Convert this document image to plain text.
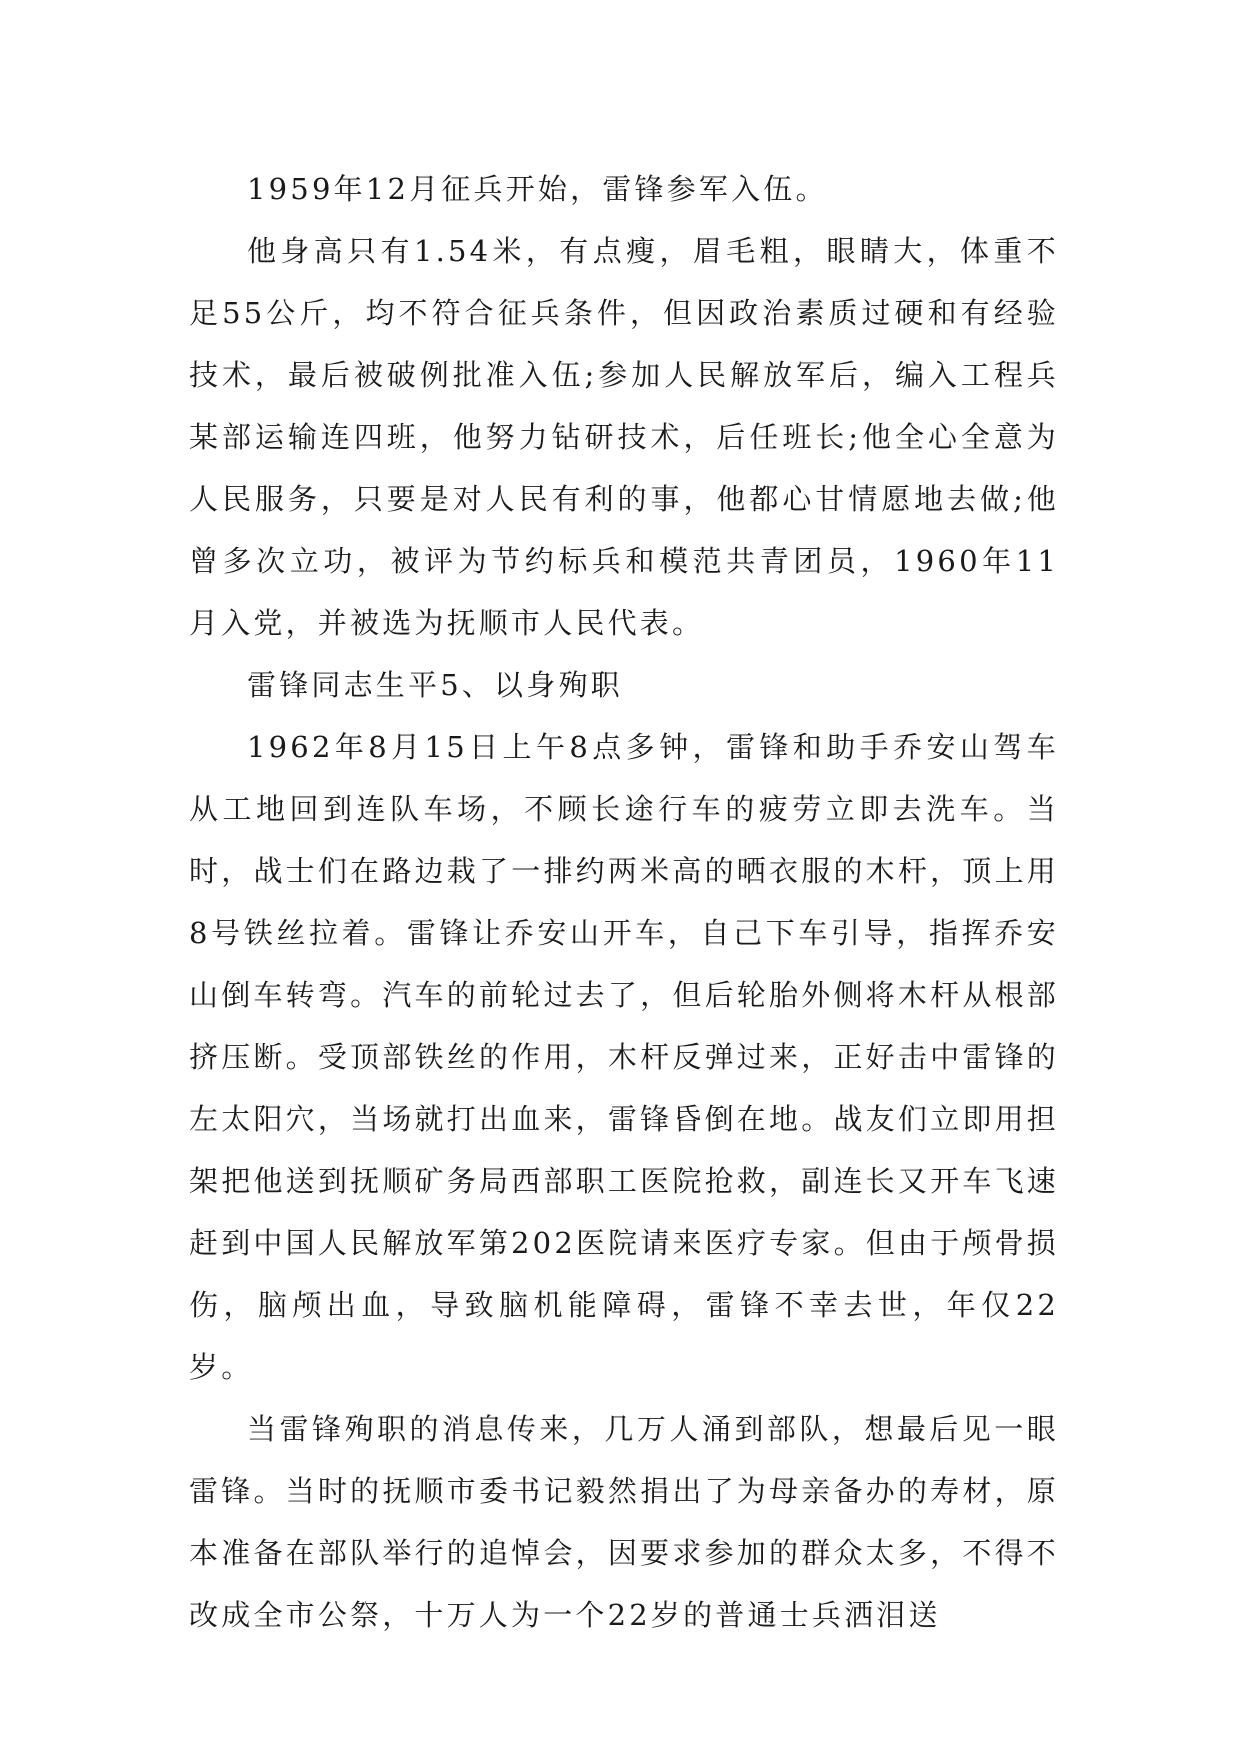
1959年12月征兵开始，雷锋参军入伍。

他身高只有1.54米，有点瘦，眉毛粗，眼睛大，体重不足55公斤，均不符合征兵条件，但因政治素质过硬和有经验技术，最后被破例批准入伍;参加人民解放军后，编入工程兵某部运输连四班，他努力钻研技术，后任班长;他全心全意为人民服务，只要是对人民有利的事，他都心甘情愿地去做;他曾多次立功，被评为节约标兵和模范共青团员，1960年11月入党，并被选为抚顺市人民代表。

雷锋同志生平5、以身殉职

1962年8月15日上午8点多钟，雷锋和助手乔安山驾车从工地回到连队车场，不顾长途行车的疲劳立即去洗车。当时，战士们在路边栽了一排约两米高的晒衣服的木杆，顶上用8号铁丝拉着。雷锋让乔安山开车，自己下车引导，指挥乔安山倒车转弯。汽车的前轮过去了，但后轮胎外侧将木杆从根部挤压断。受顶部铁丝的作用，木杆反弹过来，正好击中雷锋的左太阳穴，当场就打出血来，雷锋昏倒在地。战友们立即用担架把他送到抚顺矿务局西部职工医院抢救，副连长又开车飞速赶到中国人民解放军第202医院请来医疗专家。但由于颅骨损伤，脑颅出血，导致脑机能障碍，雷锋不幸去世，年仅22岁。

当雷锋殉职的消息传来，几万人涌到部队，想最后见一眼雷锋。当时的抚顺市委书记毅然捐出了为母亲备办的寿材，原本准备在部队举行的追悼会，因要求参加的群众太多，不得不改成全市公祭，十万人为一个22岁的普通士兵洒泪送
